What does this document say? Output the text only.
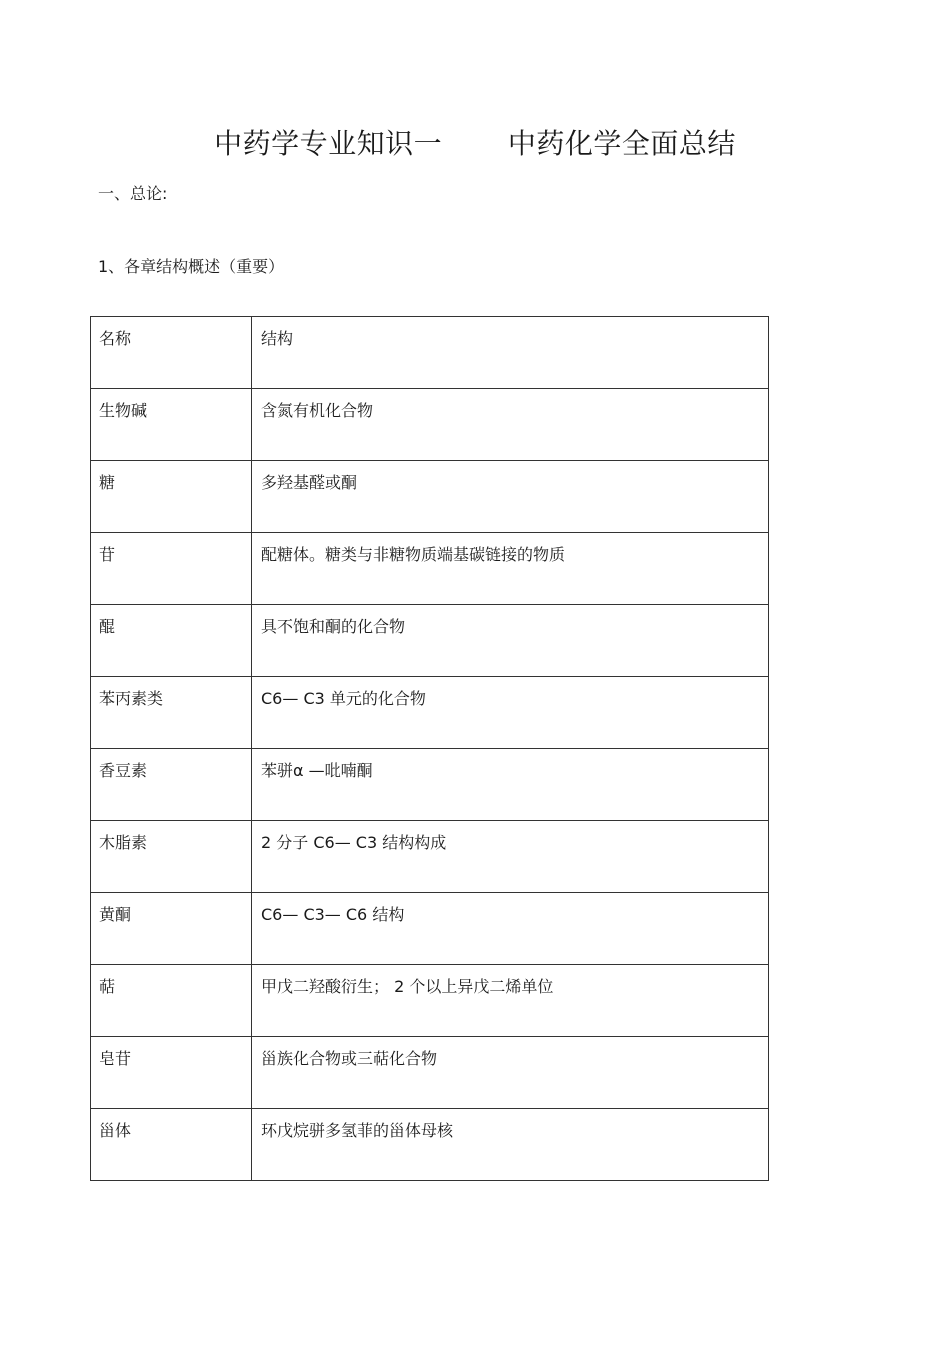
中药学专业知识一       中药化学全面总结
一、总论:
1、各章结构概述（重要）
名称	结构

生物碱	含氮有机化合物

糖	多羟基醛或酮

苷	配糖体。糖类与非糖物质端基碳链接的物质

醌	具不饱和酮的化合物

苯丙素类	C6— C3 单元的化合物

香豆素	苯骈α —吡喃酮

木脂素	2 分子 C6— C3 结构构成

黄酮	C6— C3— C6 结构

萜	甲戊二羟酸衍生； 2 个以上异戊二烯单位

皂苷	甾族化合物或三萜化合物

甾体	环戊烷骈多氢菲的甾体母核
